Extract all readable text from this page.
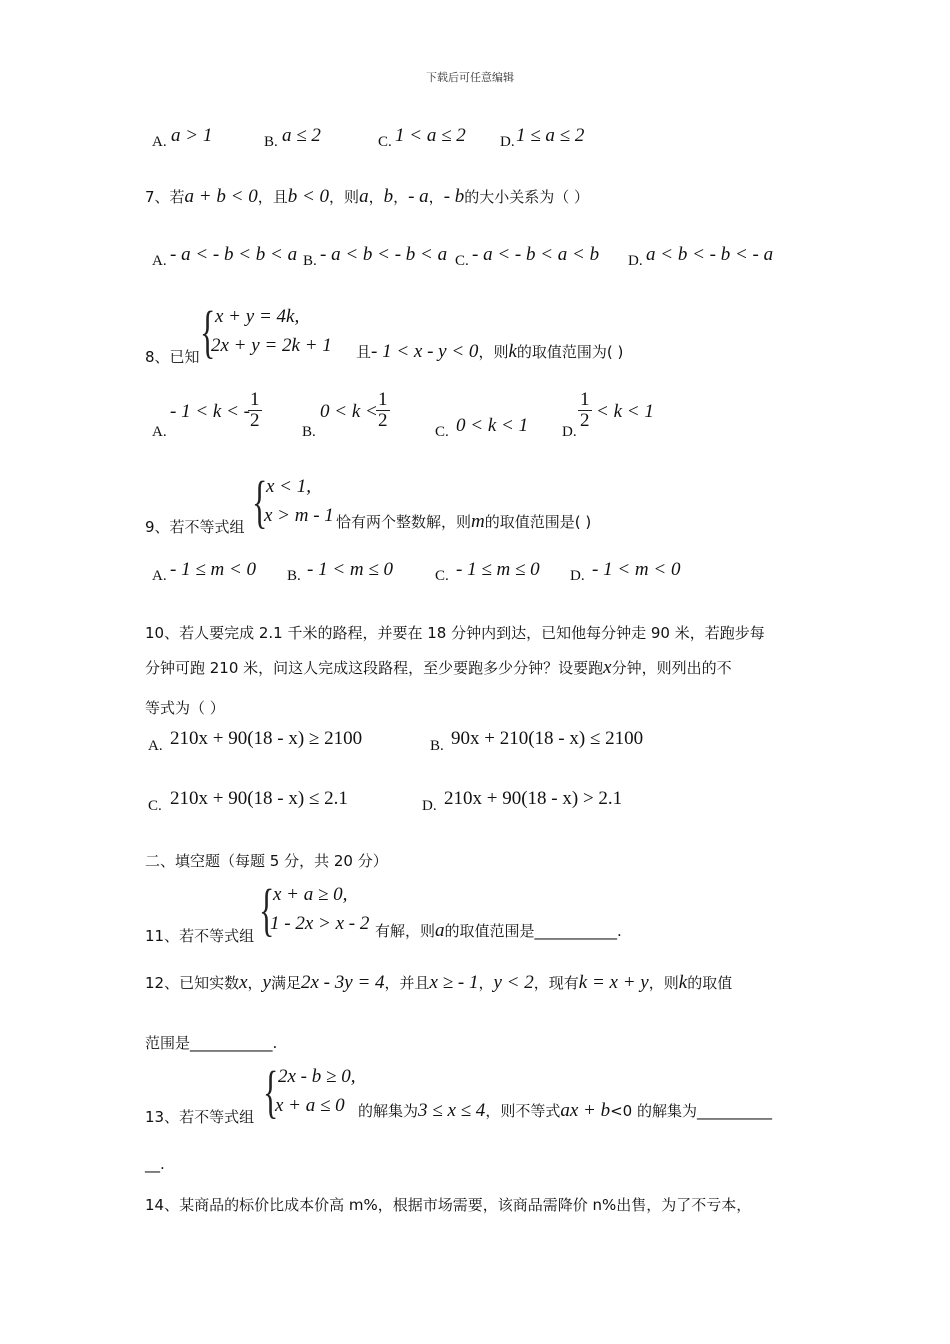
下载后可任意编辑
A. a > 1	B. a ≤ 2	C. 1 < a ≤ 2 D. 1 ≤ a ≤ 2
7、若a + b < 0，且b < 0，则a，b，- a，- b的大小关系为（ ）
A. - a < - b < b < a B. - a < b < - b < a C. - a < - b < a < b D. a < b < - b < - a
{ x + y = 4k,
2x + y = 2k + 1
8、已知	且- 1 < x - y < 0，则k的取值范围为( )
A.
- 1 < k < -
$\frac{1}{2}$
B.
0 < k <
$\frac{1}{2}$
C. 0 < k < 1 D.
$\frac{1}{2} < k < 1$
{
x < 1,
x > m - 1
9、若不等式组	恰有两个整数解，则m的取值范围是( )
A. - 1 ≤ m < 0 B. - 1 < m ≤ 0	C. - 1 ≤ m ≤ 0 D. - 1 < m < 0
10、若人要完成 2.1 千米的路程，并要在 18 分钟内到达，已知他每分钟走 90 米，若跑步每
分钟可跑 210 米，问这人完成这段路程，至少要跑多少分钟？设要跑x分钟，则列出的不
等式为（ ）
A. 210x + 90(18 - x) ≥ 2100	B. 90x + 210(18 - x) ≤ 2100
C. 210x + 90(18 - x) ≤ 2.1	D. 210x + 90(18 - x) > 2.1
二、填空题（每题 5 分，共 20 分）
{
x + a ≥ 0,
1 - 2x > x - 2
11、若不等式组	有解，则a的取值范围是___________.
12、已知实数x，y满足2x - 3y = 4，并且x ≥ - 1，y < 2，现有k = x + y，则k的取值
范围是___________.
{ 2x - b ≥ 0,
x + a ≤ 0
13、若不等式组	的解集为3 ≤ x ≤ 4，则不等式ax + b<0 的解集为__________
__.
14、某商品的标价比成本价高 m%，根据市场需要，该商品需降价 n%出售，为了不亏本，
